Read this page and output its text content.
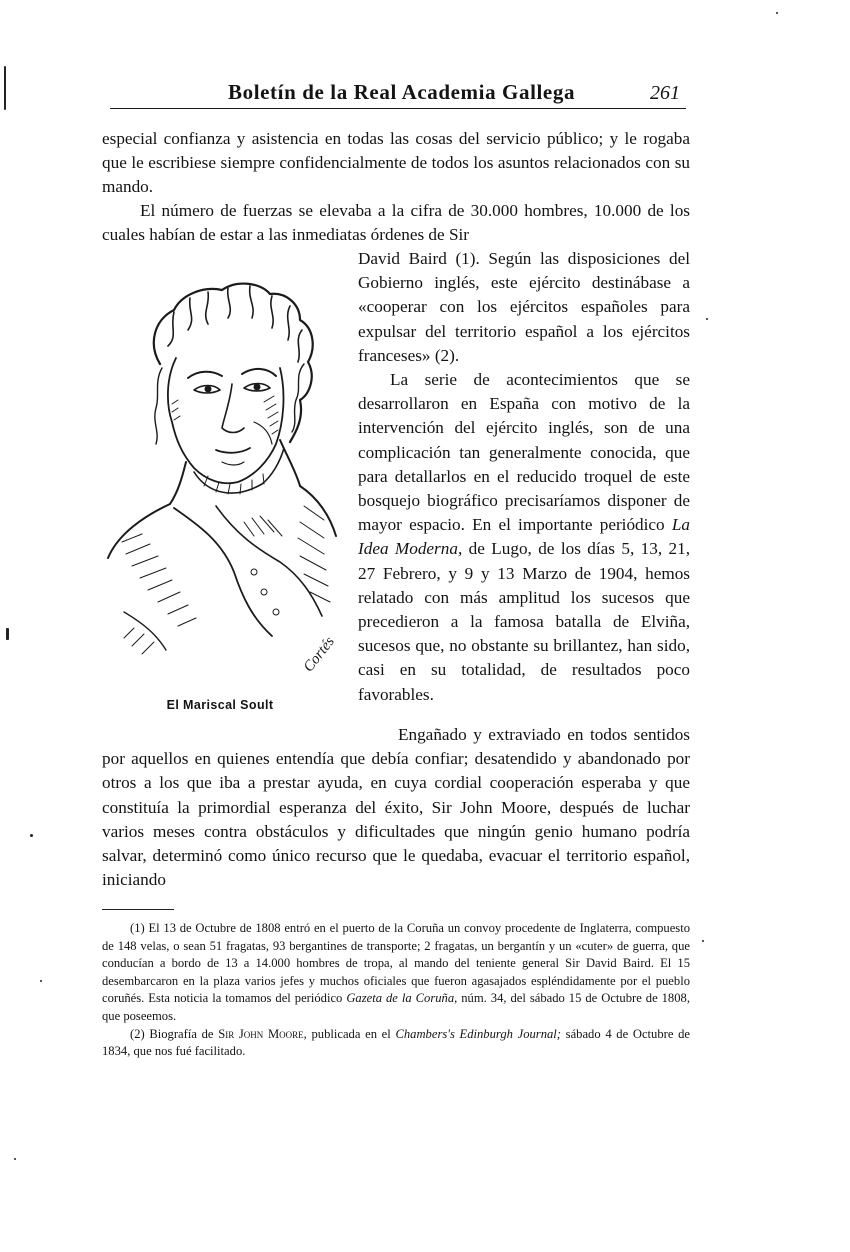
Boletín de la Real Academia Gallega	261

especial confianza y asistencia en todas las cosas del servicio público; y le rogaba que le escribiese siempre confidencialmente de todos los asuntos relacionados con su mando.

El número de fuerzas se elevaba a la cifra de 30.000 hombres, 10.000 de los cuales habían de estar a las inmediatas órdenes de Sir

David Baird (1). Según las disposiciones del Gobierno inglés, este ejército destinábase a «cooperar con los ejércitos españoles para expulsar del territorio español a los ejércitos franceses» (2).

La serie de acontecimientos que se desarrollaron en España con motivo de la intervención del ejército inglés, son de una complicación tan generalmente conocida, que para detallarlos en el reducido troquel de este bosquejo biográfico precisaríamos disponer de mayor espacio. En el importante periódico La Idea Moderna, de Lugo, de los días 5, 13, 21, 27 Febrero, y 9 y 13 Marzo de 1904, hemos relatado con más amplitud los sucesos que precedieron a la famosa batalla de Elviña, sucesos que, no obstante su brillantez, han sido, casi en su totalidad, de resultados poco favorables.

Cortés
El Mariscal Soult
Engañado y extraviado en todos sentidos por aquellos en quienes entendía que debía confiar; desatendido y abandonado por otros a los que iba a prestar ayuda, en cuya cordial cooperación esperaba y que constituía la primordial esperanza del éxito, Sir John Moore, después de luchar varios meses contra obstáculos y dificultades que ningún genio humano podría salvar, determinó como único recurso que le quedaba, evacuar el territorio español, iniciando

(1) El 13 de Octubre de 1808 entró en el puerto de la Coruña un convoy procedente de Inglaterra, compuesto de 148 velas, o sean 51 fragatas, 93 bergantines de transporte; 2 fragatas, un bergantín y un «cuter» de guerra, que conducían a bordo de 13 a 14.000 hombres de tropa, al mando del teniente general Sir David Baird. El 15 desembarcaron en la plaza varios jefes y muchos oficiales que fueron agasajados espléndidamente por el pueblo coruñés. Esta noticia la tomamos del periódico Gazeta de la Coruña, núm. 34, del sábado 15 de Octubre de 1808, que poseemos.

(2) Biografía de Sir John Moore, publicada en el Chambers's Edinburgh Journal; sábado 4 de Octubre de 1834, que nos fué facilitado.
